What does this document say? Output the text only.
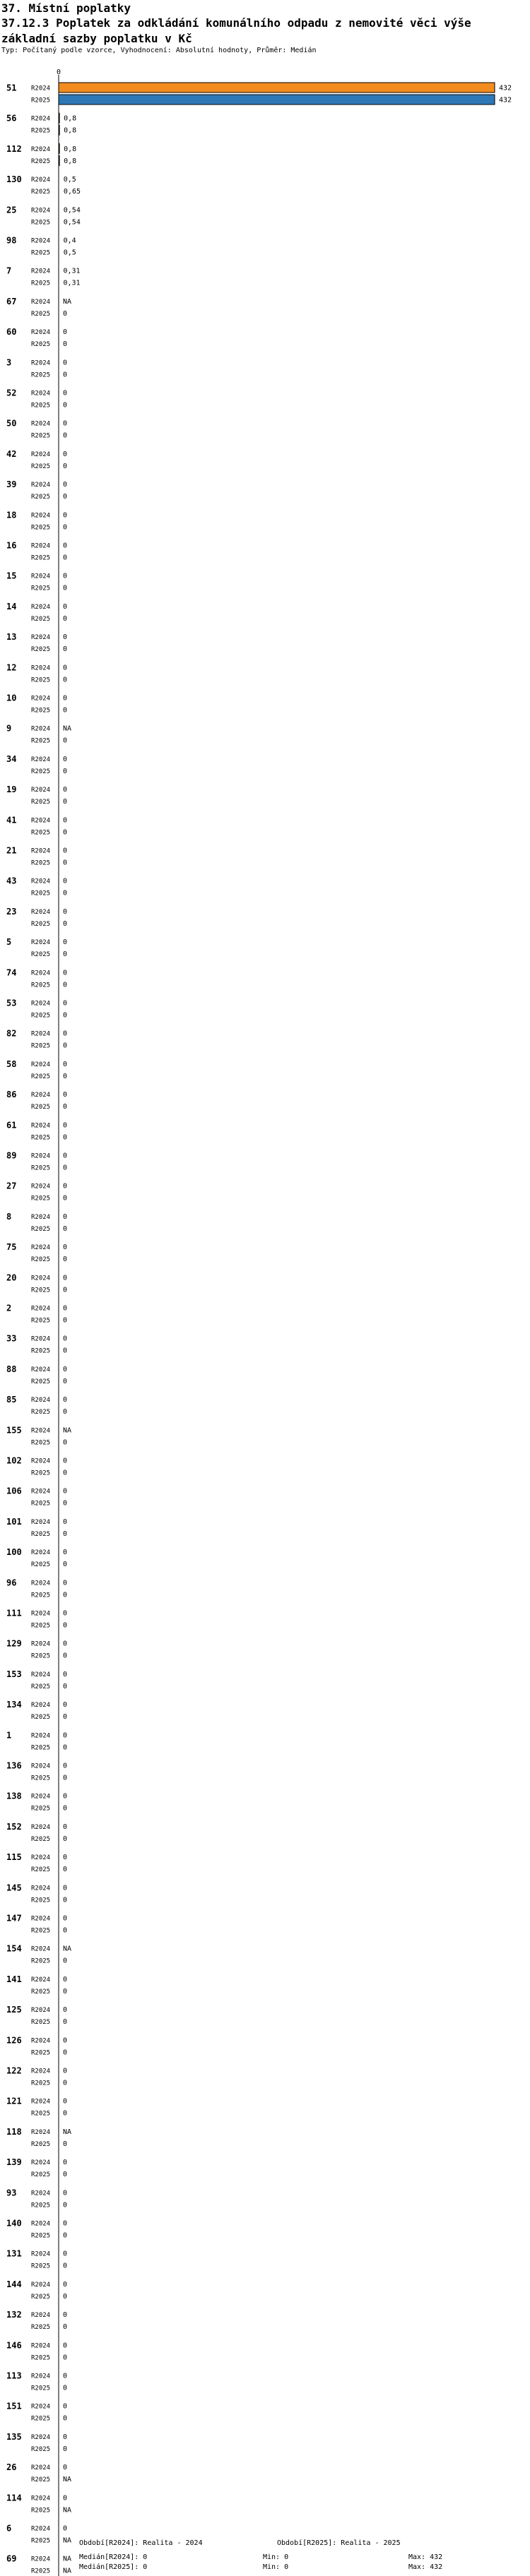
37. Místní poplatky
37.12.3 Poplatek za odkládání komunálního odpadu z nemovité věci výše základní sazby poplatku v Kč
Typ: Počítaný podle vzorce, Vyhodnocení: Absolutní hodnoty, Průměr: Medián
0
51 R2024	432
R2025	432
56 R2024 0,8
R2025 0,8
112 R2024 0,8
R2025 0,8
130 R2024 0,5
R2025 0,65
25 R2024 0,54
R2025 0,54
98 R2024 0,4
R2025 0,5
7	R2024 0,31
R2025 0,31
67 R2024 NA
R2025 0
60 R2024 0
R2025 0
3	R2024 0
R2025 0
52 R2024 0
R2025 0
50 R2024 0
R2025 0
42 R2024 0
R2025 0
39 R2024 0
R2025 0
18 R2024 0
R2025 0
16 R2024 0
R2025 0
15 R2024 0
R2025 0
14 R2024 0
R2025 0
13 R2024 0
R2025 0
12 R2024 0
R2025 0
10 R2024 0
R2025 0
9	R2024 NA
R2025 0
34 R2024 0
R2025 0
19 R2024 0
R2025 0
41 R2024 0
R2025 0
21 R2024 0
R2025 0
43 R2024 0
R2025 0
23 R2024 0
R2025 0
5	R2024 0
R2025 0
74 R2024 0
R2025 0
53 R2024 0
R2025 0
82 R2024 0
R2025 0
58 R2024 0
R2025 0
86 R2024 0
R2025 0
61 R2024 0
R2025 0
89 R2024 0
R2025 0
27 R2024 0
R2025 0
8	R2024 0
R2025 0
75 R2024 0
R2025 0
20 R2024 0
R2025 0
2	R2024 0
R2025 0
33 R2024 0
R2025 0
88 R2024 0
R2025 0
85 R2024 0
R2025 0
155 R2024 NA
R2025 0
102 R2024 0
R2025 0
106 R2024 0
R2025 0
101 R2024 0
R2025 0
100 R2024 0
R2025 0
96 R2024 0
R2025 0
111 R2024 0
R2025 0
129 R2024 0
R2025 0
153 R2024 0
R2025 0
134 R2024 0
R2025 0
1	R2024 0
R2025 0
136 R2024 0
R2025 0
138 R2024 0
R2025 0
152 R2024 0
R2025 0
115 R2024 0
R2025 0
145 R2024 0
R2025 0
147 R2024 0
R2025 0
154 R2024 NA
R2025 0
141 R2024 0
R2025 0
125 R2024 0
R2025 0
126 R2024 0
R2025 0
122 R2024 0
R2025 0
121 R2024 0
R2025 0
118 R2024 NA
R2025 0
139 R2024 0
R2025 0
93 R2024 0
R2025 0
140 R2024 0
R2025 0
131 R2024 0
R2025 0
144 R2024 0
R2025 0
132 R2024 0
R2025 0
146 R2024 0
R2025 0
113 R2024 0
R2025 0
151 R2024 0
R2025 0
135 R2024 0
R2025 0
26 R2024 0
R2025 NA
114 R2024 0
R2025 NA
6	R2024 0
R2025 NA
69 R2024 NA
R2025 NA
Období[R2024]: Realita - 2024	Období[R2025]: Realita - 2025
Medián[R2024]: 0	Min: 0	Max: 432
Medián[R2025]: 0	Min: 0	Max: 432
